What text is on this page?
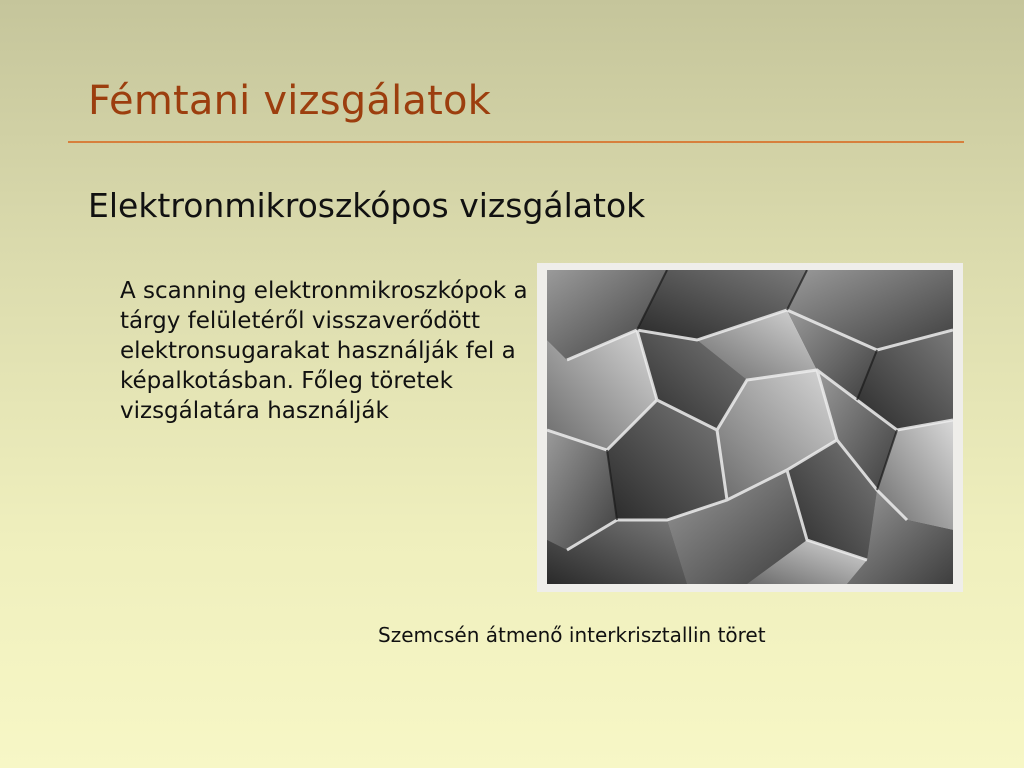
Fémtani vizsgálatok
Elektronmikroszkópos vizsgálatok
A scanning elektronmikroszkópok a tárgy felületéről visszaverődött elektronsugarakat használják fel a képalkotásban. Főleg töretek vizsgálatára használják
Szemcsén átmenő interkrisztallin töret
